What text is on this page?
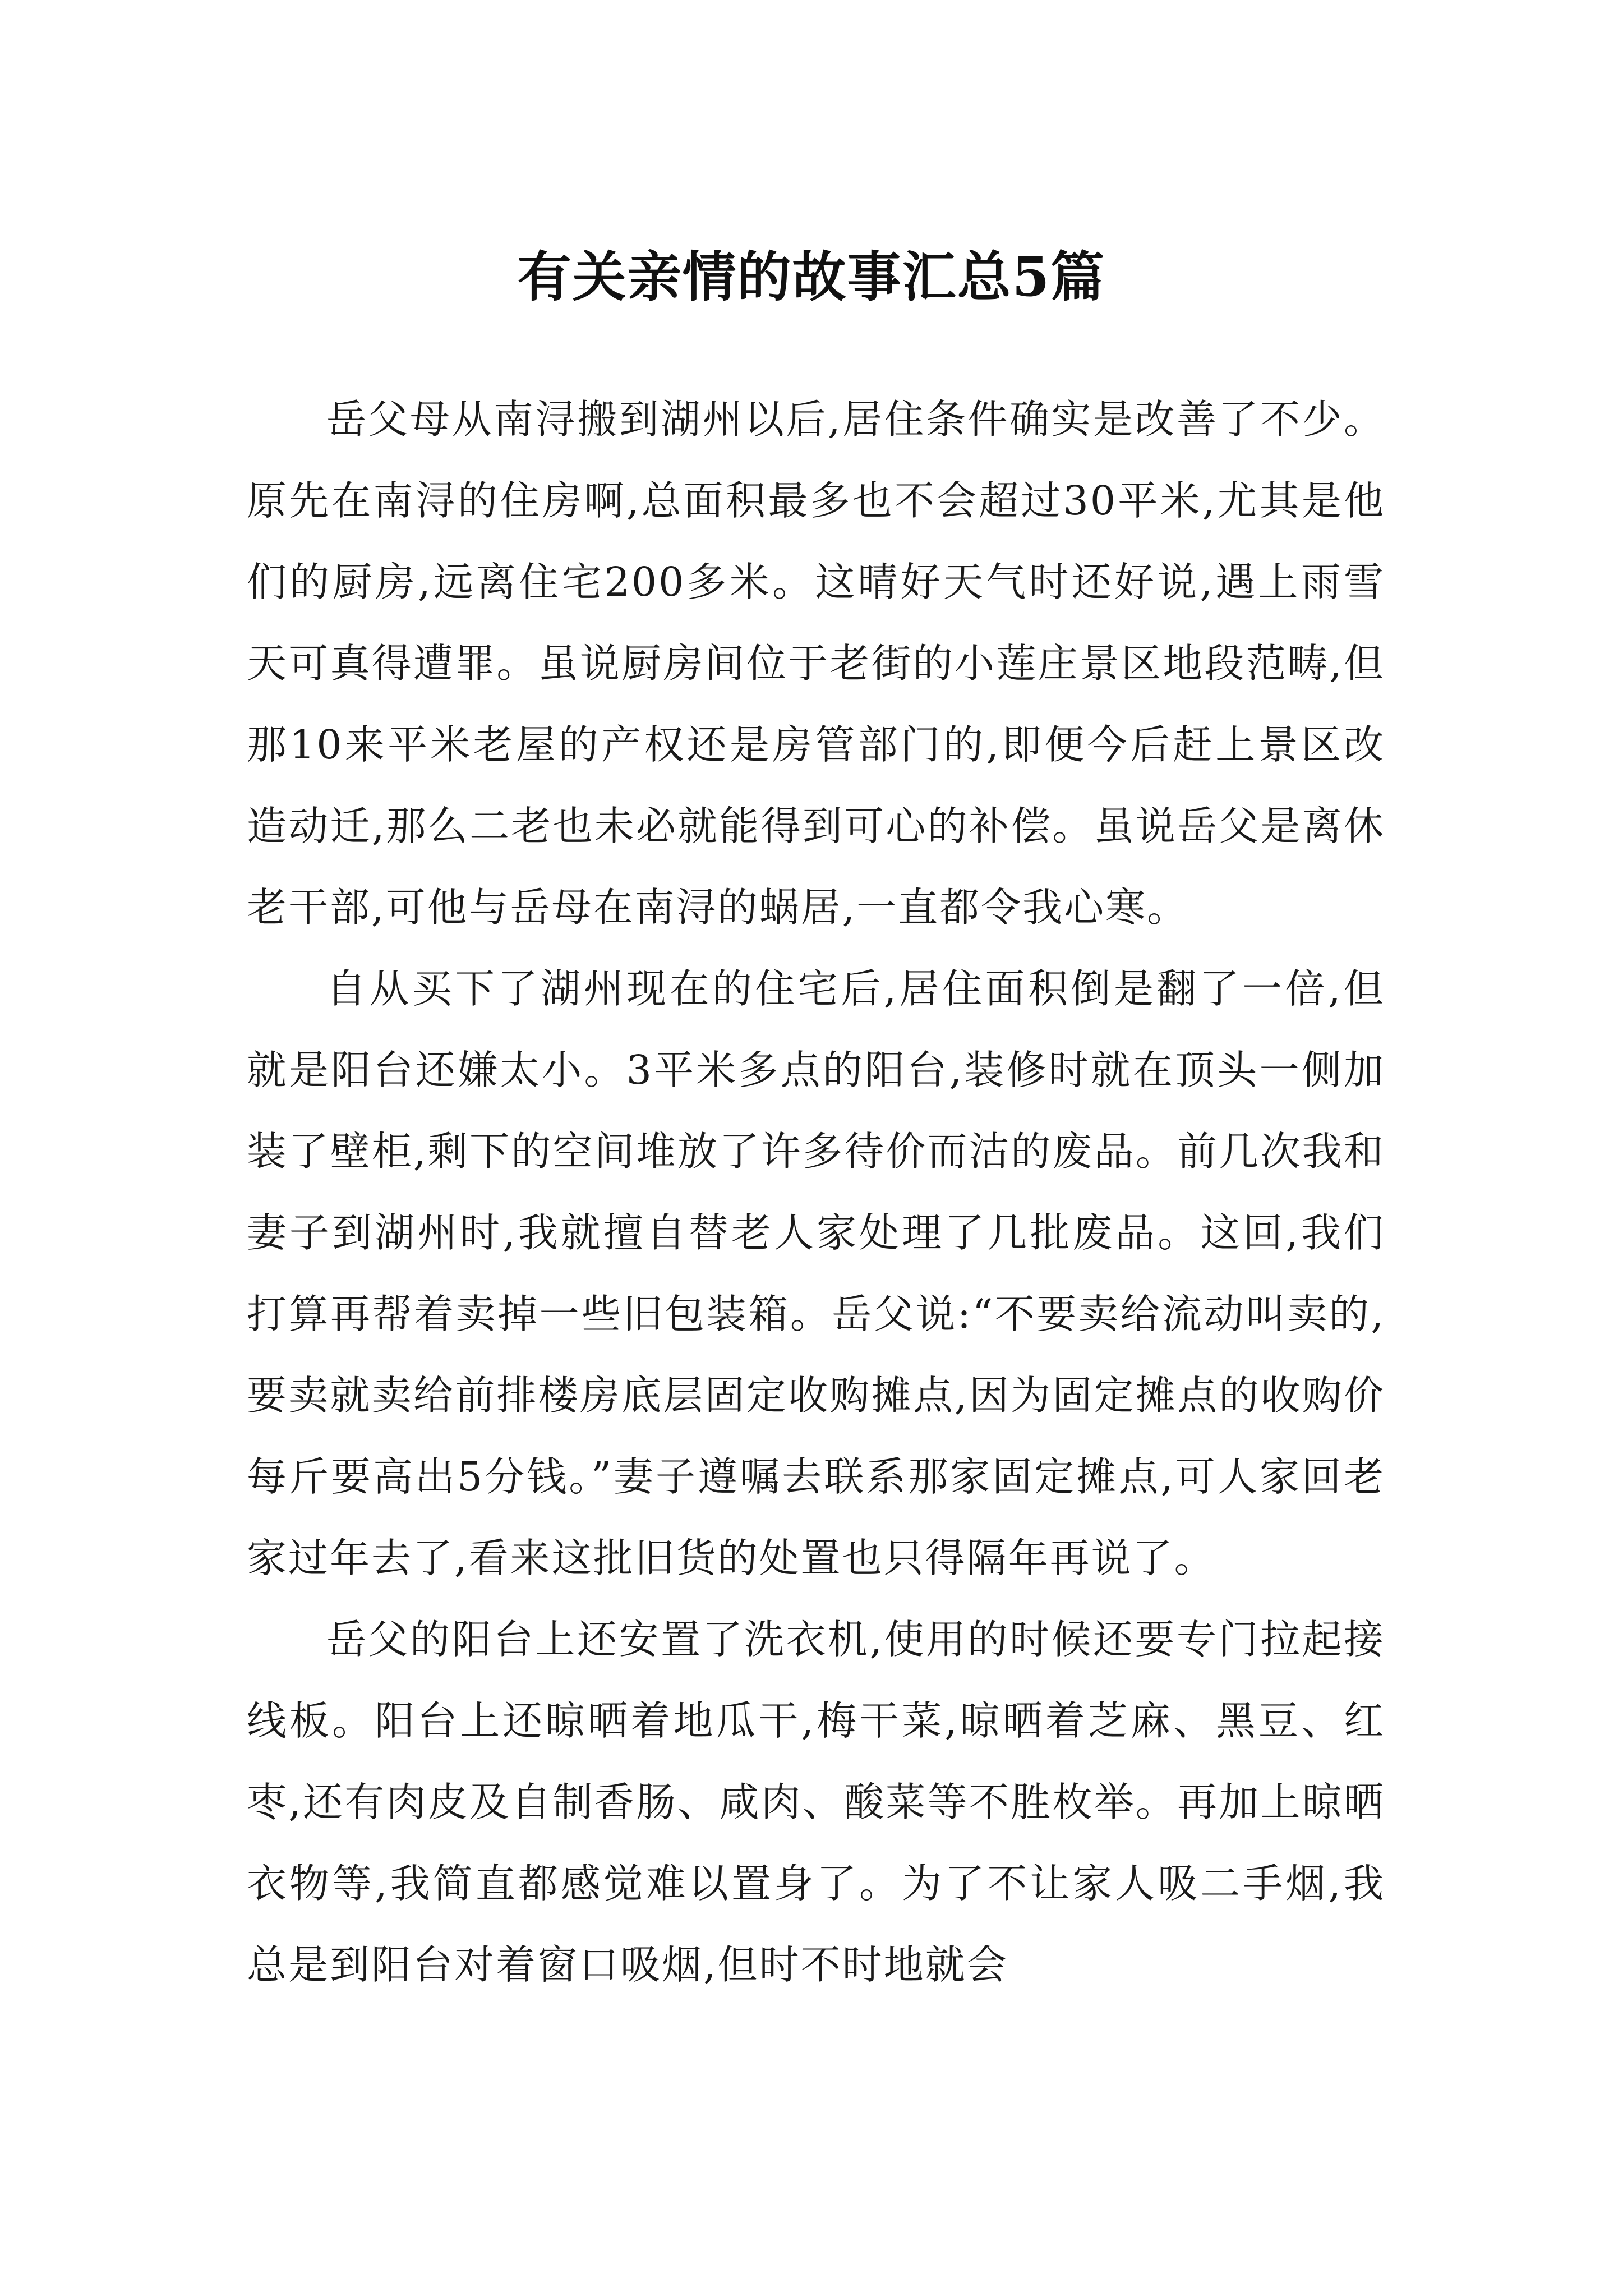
有关亲情的故事汇总5篇

岳父母从南浔搬到湖州以后,居住条件确实是改善了不少。原先在南浔的住房啊,总面积最多也不会超过30平米,尤其是他们的厨房,远离住宅200多米。这晴好天气时还好说,遇上雨雪天可真得遭罪。虽说厨房间位于老街的小莲庄景区地段范畴,但那10来平米老屋的产权还是房管部门的,即便今后赶上景区改造动迁,那么二老也未必就能得到可心的补偿。虽说岳父是离休老干部,可他与岳母在南浔的蜗居,一直都令我心寒。

自从买下了湖州现在的住宅后,居住面积倒是翻了一倍,但就是阳台还嫌太小。3平米多点的阳台,装修时就在顶头一侧加装了壁柜,剩下的空间堆放了许多待价而沽的废品。前几次我和妻子到湖州时,我就擅自替老人家处理了几批废品。这回,我们打算再帮着卖掉一些旧包装箱。岳父说:“不要卖给流动叫卖的,要卖就卖给前排楼房底层固定收购摊点,因为固定摊点的收购价每斤要高出5分钱。”妻子遵嘱去联系那家固定摊点,可人家回老家过年去了,看来这批旧货的处置也只得隔年再说了。

岳父的阳台上还安置了洗衣机,使用的时候还要专门拉起接线板。阳台上还晾晒着地瓜干,梅干菜,晾晒着芝麻、黑豆、红枣,还有肉皮及自制香肠、咸肉、酸菜等不胜枚举。再加上晾晒衣物等,我简直都感觉难以置身了。为了不让家人吸二手烟,我总是到阳台对着窗口吸烟,但时不时地就会
